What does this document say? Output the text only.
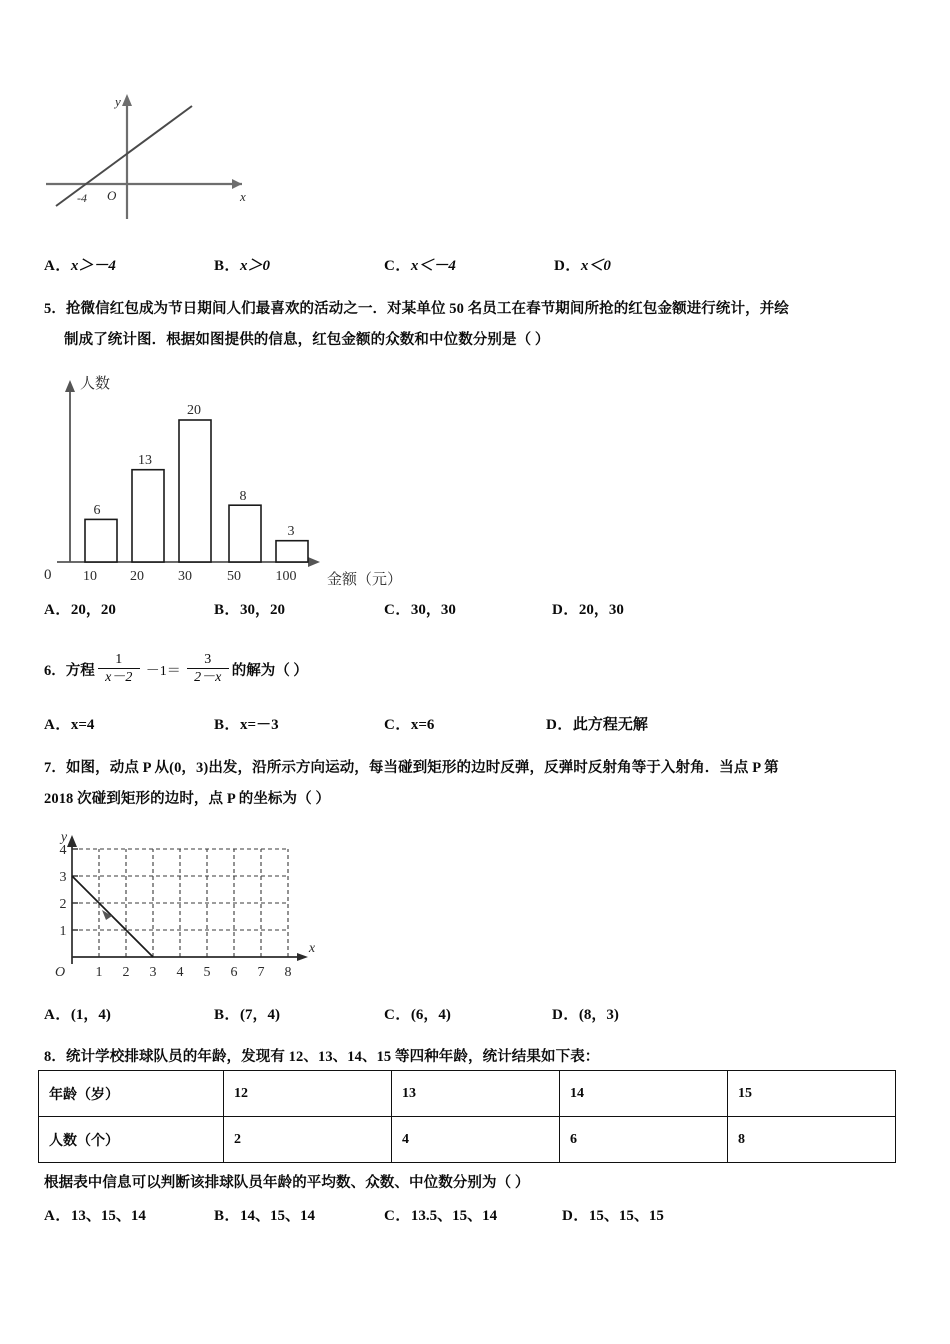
y
x
O
-4
A．x＞－4	B．x＞0	C．x＜－4	D．x＜0
5．抢微信红包成为节日期间人们最喜欢的活动之一．对某单位 50 名员工在春节期间所抢的红包金额进行统计，并绘
制成了统计图．根据如图提供的信息，红包金额的众数和中位数分别是（ ）
6
13
20
8
3
10 20 30	50 100
人数
金额（元）
0
A．20，20	B．30，20	C．30，30	D．20，30
6．方程 $\frac{1}{x-2} -1= \frac{3}{2-x}$ 的解为（ ）
A．x=4	B．x=－3	C．x=6	D．此方程无解
7．如图，动点 P 从(0，3)出发，沿所示方向运动，每当碰到矩形的边时反弹，反弹时反射角等于入射角．当点 P 第
2018 次碰到矩形的边时，点 P 的坐标为（ ）
1
2
3
4
1 2 3 4 5 6 7 8
y
x
O
A．(1，4)	B．(7，4)	C．(6，4)	D．(8，3)
8．统计学校排球队员的年龄，发现有 12、13、14、15 等四种年龄，统计结果如下表：
年龄（岁）	12	13	14	15
人数（个）	2	4	6	8
根据表中信息可以判断该排球队员年龄的平均数、众数、中位数分别为（ ）
A．13、15、14	B．14、15、14	C．13.5、15、14	D．15、15、15
